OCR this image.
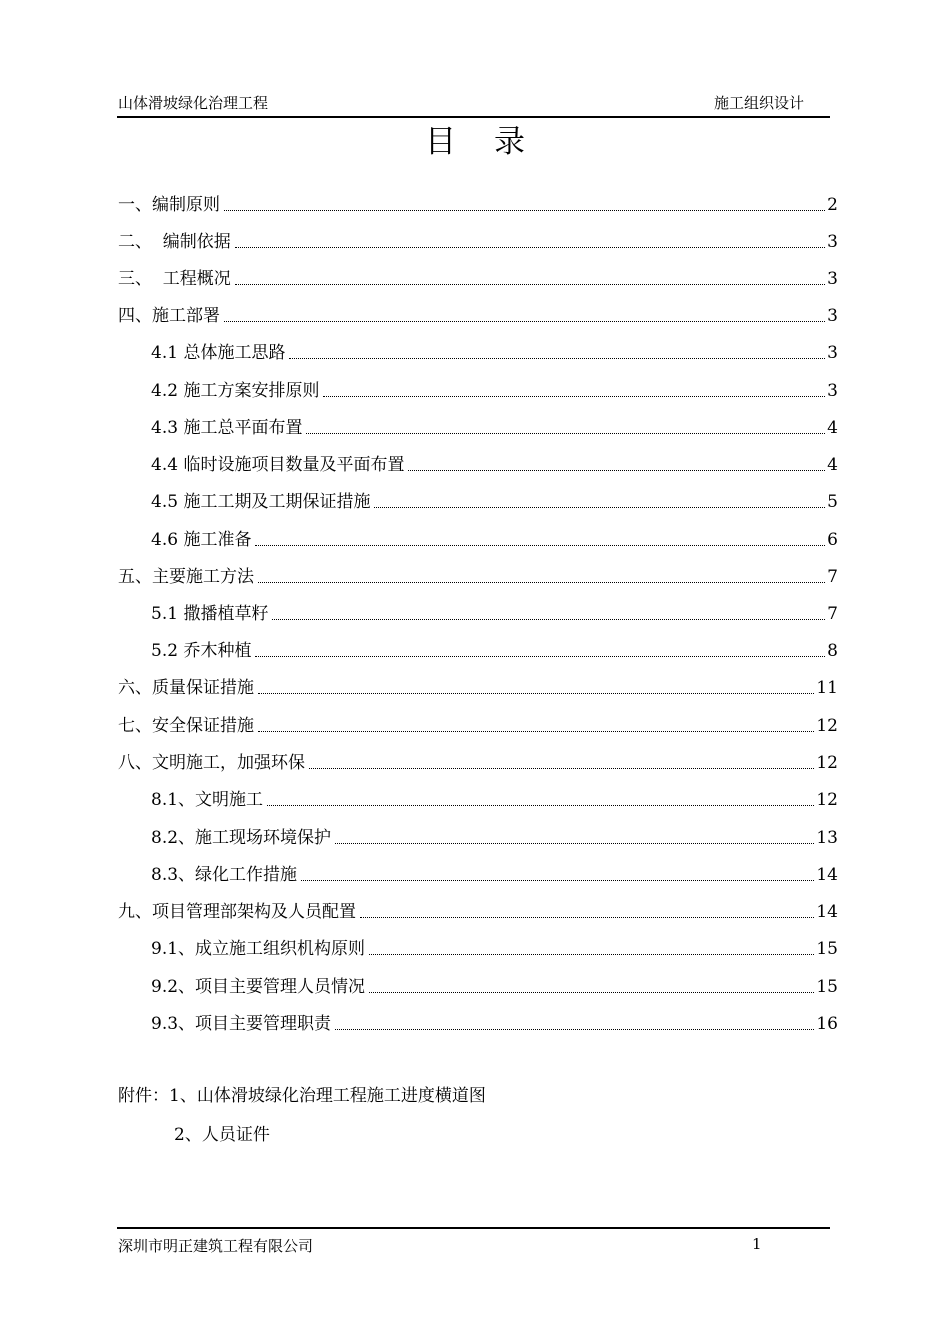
山体滑坡绿化治理工程	施工组织设计
目录
一、编制原则	2
二、  编制依据	3
三、  工程概况	3
四、施工部署	3
4.1 总体施工思路	3
4.2 施工方案安排原则	3
4.3 施工总平面布置	4
4.4 临时设施项目数量及平面布置	4
4.5 施工工期及工期保证措施	5
4.6 施工准备	6
五、主要施工方法	7
5.1 撒播植草籽	7
5.2 乔木种植	8
六、质量保证措施	11
七、安全保证措施	12
八、文明施工，加强环保	12
8.1、文明施工	12
8.2、施工现场环境保护	13
8.3、绿化工作措施	14
九、项目管理部架构及人员配置	14
9.1、成立施工组织机构原则	15
9.2、项目主要管理人员情况	15
9.3、项目主要管理职责	16
附件：1、山体滑坡绿化治理工程施工进度横道图
2、人员证件
深圳市明正建筑工程有限公司	1
